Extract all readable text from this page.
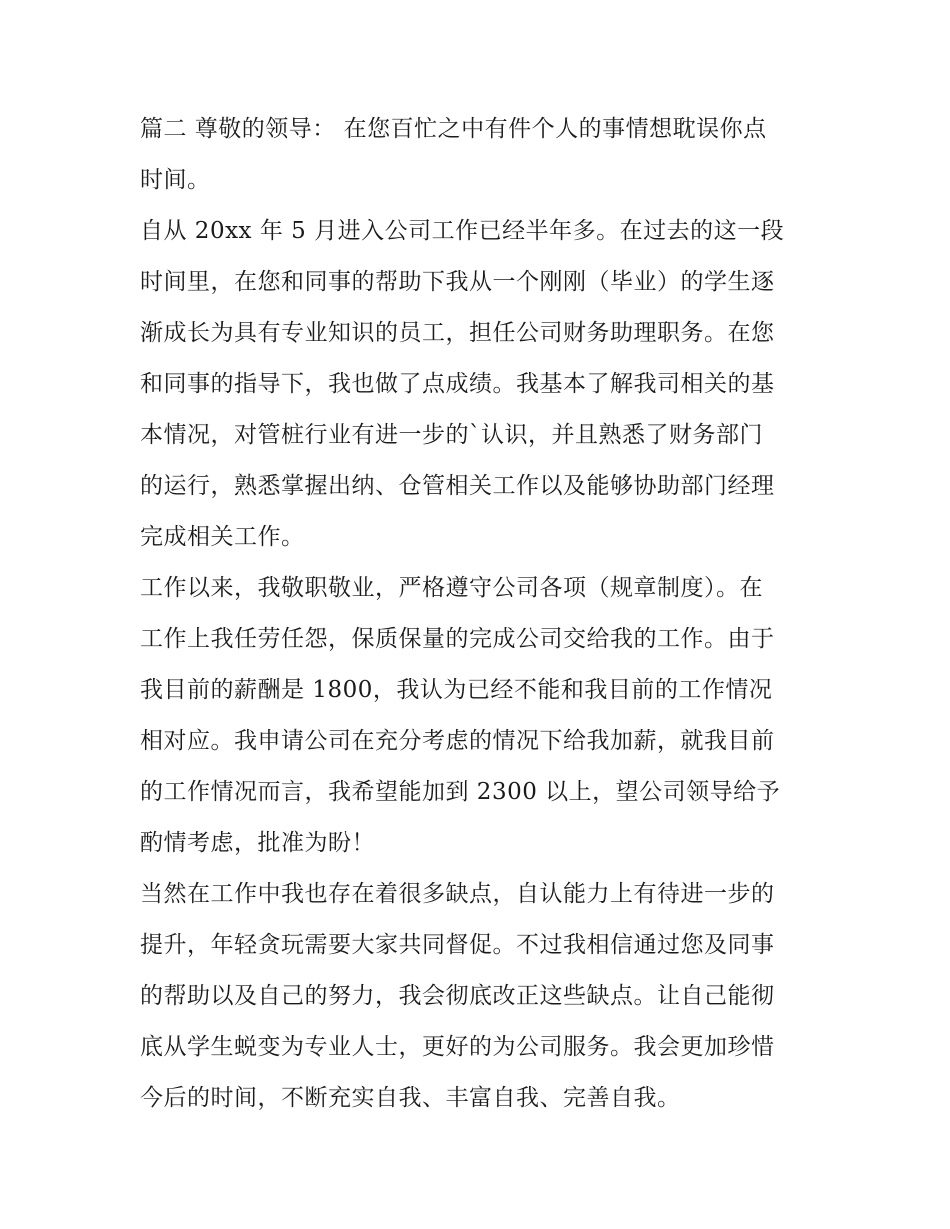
篇二 尊敬的领导： 在您百忙之中有件个人的事情想耽误你点
时间。
自从 20xx 年 5 月进入公司工作已经半年多。在过去的这一段
时间里，在您和同事的帮助下我从一个刚刚（毕业）的学生逐
渐成长为具有专业知识的员工，担任公司财务助理职务。在您
和同事的指导下，我也做了点成绩。我基本了解我司相关的基
本情况，对管桩行业有进一步的`认识，并且熟悉了财务部门
的运行，熟悉掌握出纳、仓管相关工作以及能够协助部门经理
完成相关工作。
工作以来，我敬职敬业，严格遵守公司各项（规章制度）。在
工作上我任劳任怨，保质保量的完成公司交给我的工作。由于
我目前的薪酬是 1800，我认为已经不能和我目前的工作情况
相对应。我申请公司在充分考虑的情况下给我加薪，就我目前
的工作情况而言，我希望能加到 2300 以上，望公司领导给予
酌情考虑，批准为盼！
当然在工作中我也存在着很多缺点，自认能力上有待进一步的
提升，年轻贪玩需要大家共同督促。不过我相信通过您及同事
的帮助以及自己的努力，我会彻底改正这些缺点。让自己能彻
底从学生蜕变为专业人士，更好的为公司服务。我会更加珍惜
今后的时间，不断充实自我、丰富自我、完善自我。
